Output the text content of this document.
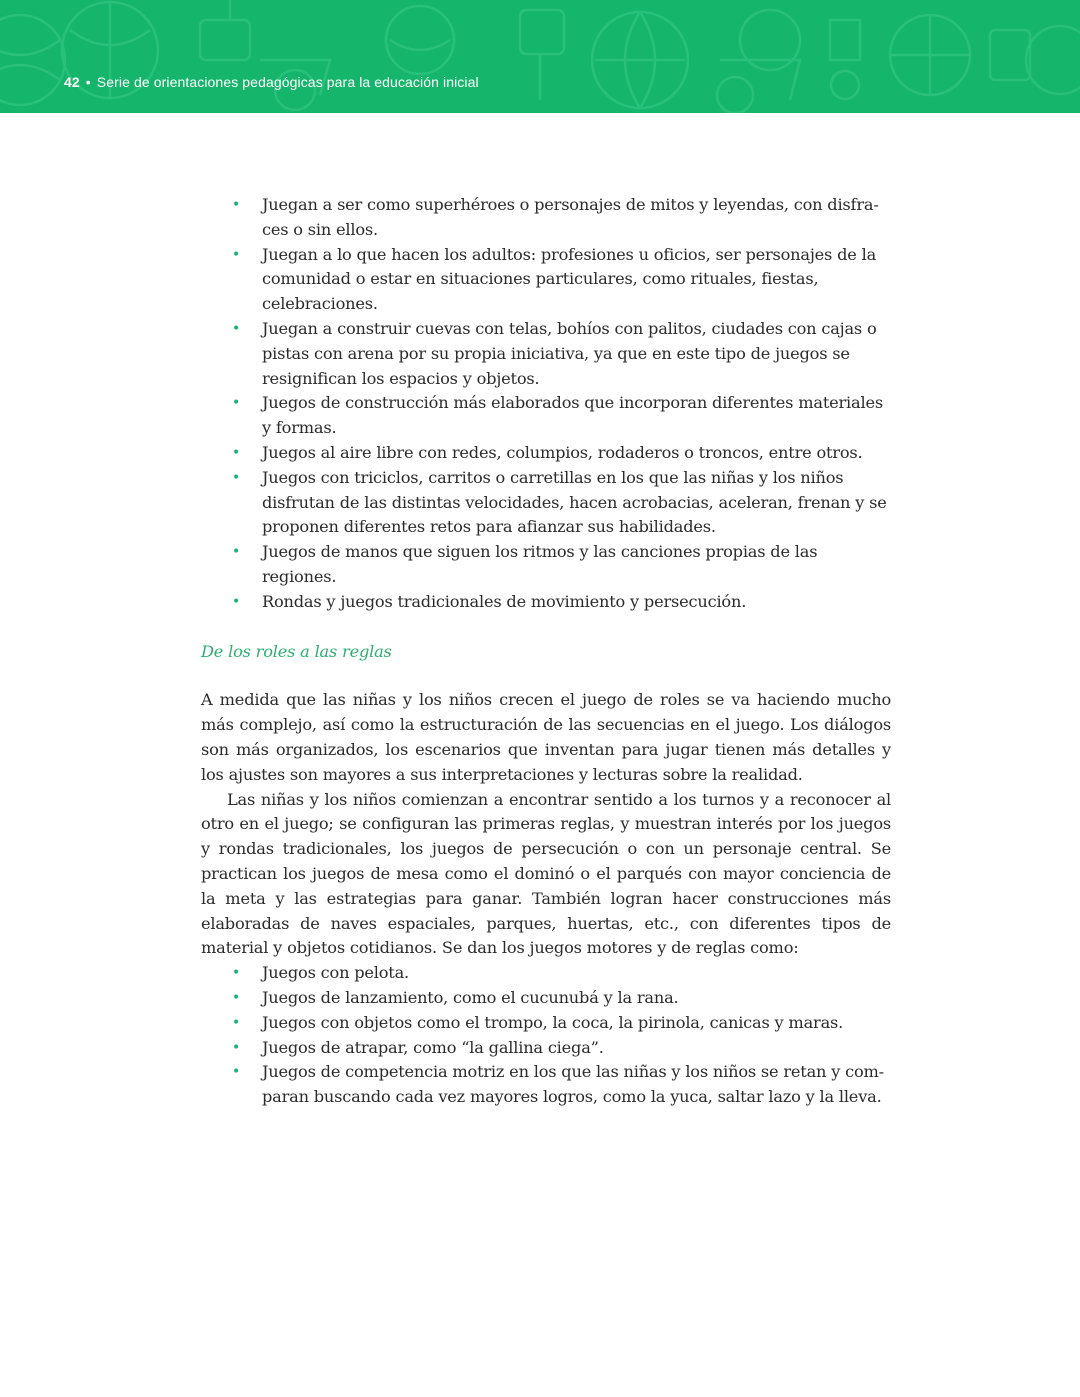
42 • Serie de orientaciones pedagógicas para la educación inicial
• Juegan a ser como superhéroes o personajes de mitos y leyendas, con disfraces o sin ellos.
• Juegan a lo que hacen los adultos: profesiones u oficios, ser personajes de la comunidad o estar en situaciones particulares, como rituales, fiestas, celebraciones.
• Juegan a construir cuevas con telas, bohíos con palitos, ciudades con cajas o pistas con arena por su propia iniciativa, ya que en este tipo de juegos se resignifican los espacios y objetos.
• Juegos de construcción más elaborados que incorporan diferentes materiales y formas.
• Juegos al aire libre con redes, columpios, rodaderos o troncos, entre otros.
• Juegos con triciclos, carritos o carretillas en los que las niñas y los niños disfrutan de las distintas velocidades, hacen acrobacias, aceleran, frenan y se proponen diferentes retos para afianzar sus habilidades.
• Juegos de manos que siguen los ritmos y las canciones propias de las regiones.
• Rondas y juegos tradicionales de movimiento y persecución.
De los roles a las reglas

A medida que las niñas y los niños crecen el juego de roles se va haciendo mucho más complejo, así como la estructuración de las secuencias en el juego. Los diálogos son más organizados, los escenarios que inventan para jugar tienen más detalles y los ajustes son mayores a sus interpretaciones y lecturas sobre la realidad.

Las niñas y los niños comienzan a encontrar sentido a los turnos y a reconocer al otro en el juego; se configuran las primeras reglas, y muestran interés por los juegos y rondas tradicionales, los juegos de persecución o con un personaje central. Se practican los juegos de mesa como el dominó o el parqués con mayor conciencia de la meta y las estrategias para ganar. También logran hacer construcciones más elaboradas de naves espaciales, parques, huertas, etc., con diferentes tipos de material y objetos cotidianos. Se dan los juegos motores y de reglas como:

• Juegos con pelota.
• Juegos de lanzamiento, como el cucunubá y la rana.
• Juegos con objetos como el trompo, la coca, la pirinola, canicas y maras.
• Juegos de atrapar, como “la gallina ciega”.
• Juegos de competencia motriz en los que las niñas y los niños se retan y comparan buscando cada vez mayores logros, como la yuca, saltar lazo y la lleva.
